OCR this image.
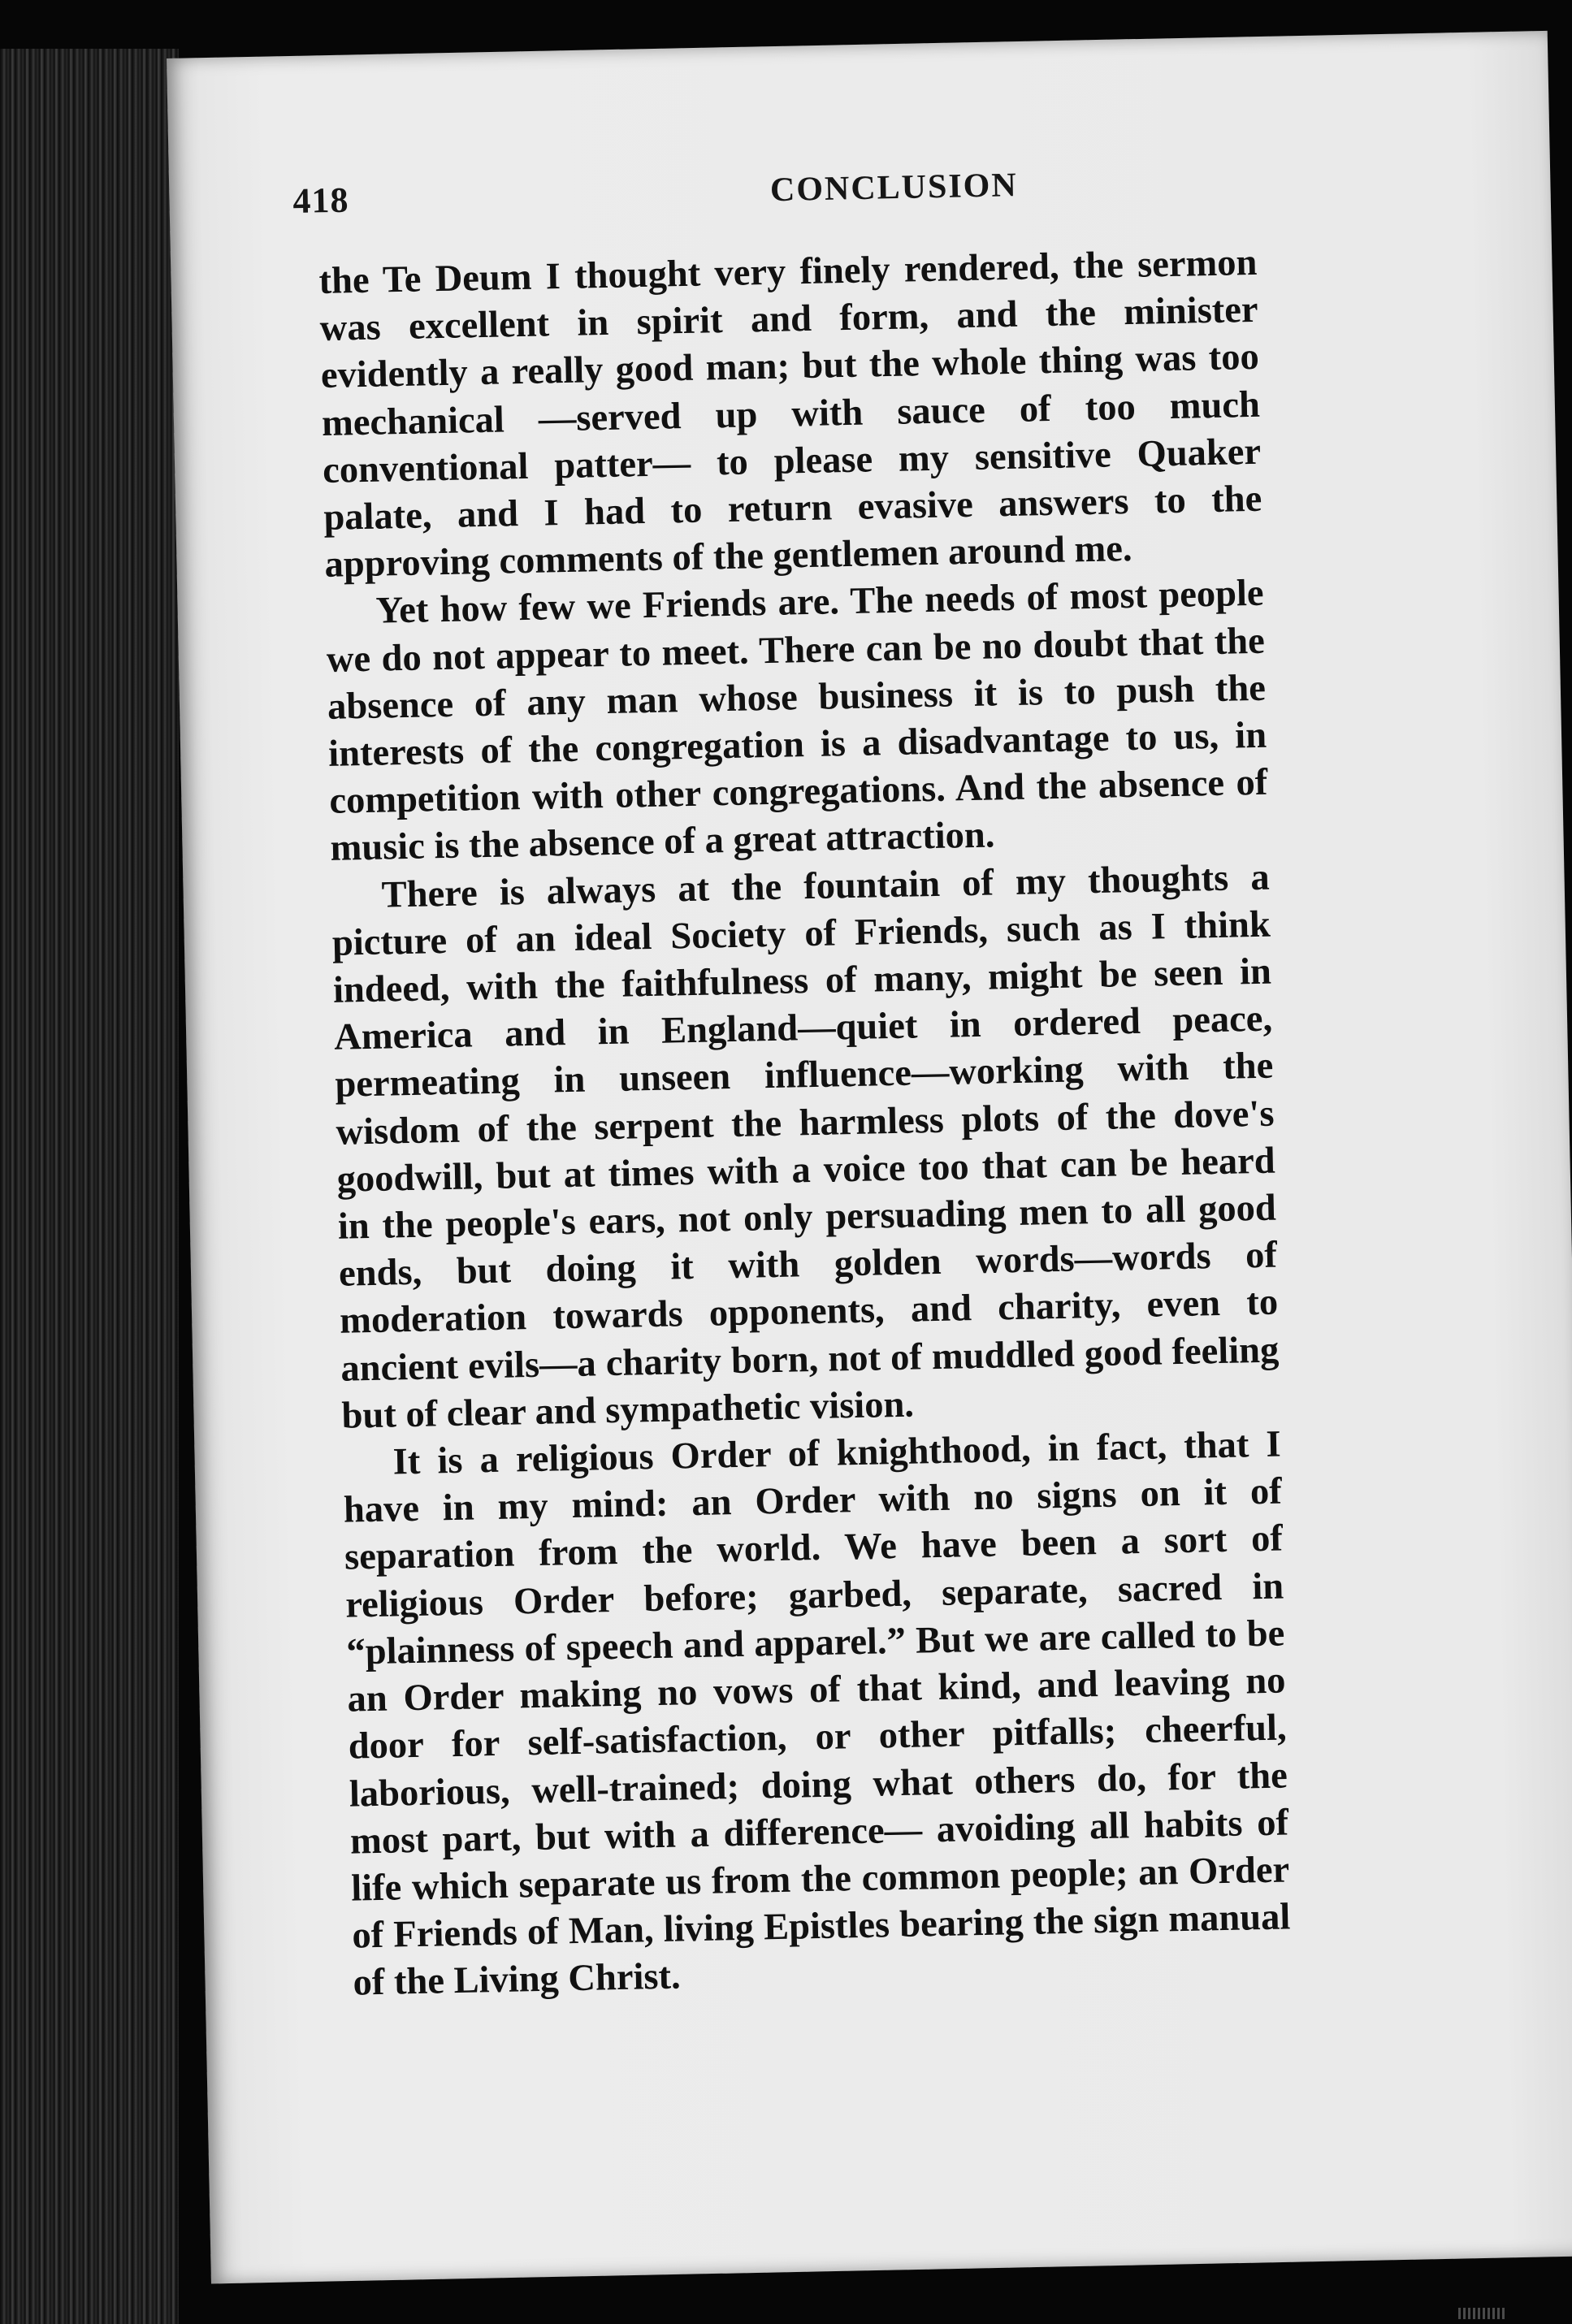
418	CONCLUSION

the Te Deum I thought very finely rendered, the sermon was excellent in spirit and form, and the minister evidently a really good man; but the whole thing was too mechanical —served up with sauce of too much conventional patter— to please my sensitive Quaker palate, and I had to return evasive answers to the approving comments of the gentlemen around me.

Yet how few we Friends are. The needs of most people we do not appear to meet. There can be no doubt that the absence of any man whose business it is to push the interests of the congregation is a disadvantage to us, in competition with other congregations. And the absence of music is the absence of a great attraction.

There is always at the fountain of my thoughts a picture of an ideal Society of Friends, such as I think indeed, with the faithfulness of many, might be seen in America and in England—quiet in ordered peace, permeating in unseen influence—working with the wisdom of the serpent the harmless plots of the dove's goodwill, but at times with a voice too that can be heard in the people's ears, not only persuading men to all good ends, but doing it with golden words—words of moderation towards opponents, and charity, even to ancient evils—a charity born, not of muddled good feeling but of clear and sympathetic vision.

It is a religious Order of knighthood, in fact, that I have in my mind: an Order with no signs on it of separation from the world. We have been a sort of religious Order before; garbed, separate, sacred in “plainness of speech and apparel.” But we are called to be an Order making no vows of that kind, and leaving no door for self-satisfaction, or other pitfalls; cheerful, laborious, well-trained; doing what others do, for the most part, but with a difference— avoiding all habits of life which separate us from the common people; an Order of Friends of Man, living Epistles bearing the sign manual of the Living Christ.
